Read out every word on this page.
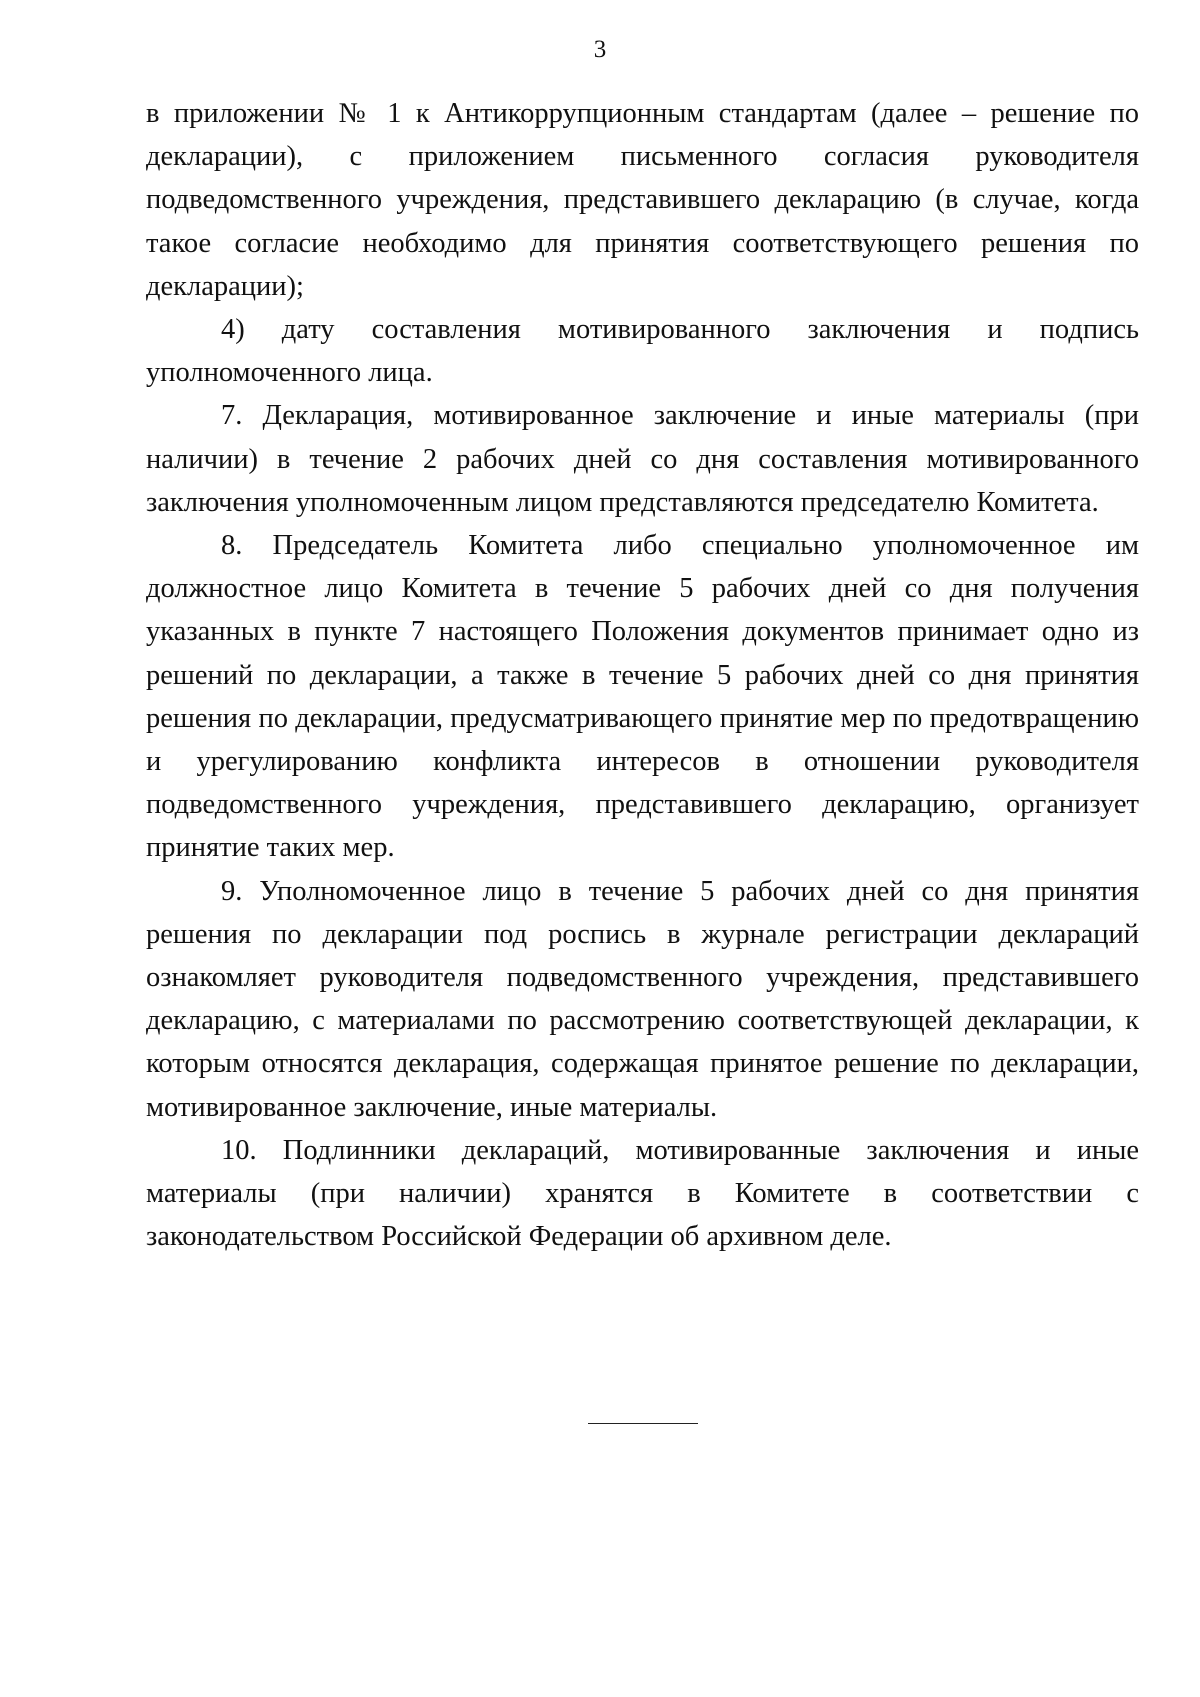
3

в приложении № 1 к Антикоррупционным стандартам (далее – решение по декларации), с приложением письменного согласия руководителя подведомственного учреждения, представившего декларацию (в случае, когда такое согласие необходимо для принятия соответствующего решения по декларации);

4) дату составления мотивированного заключения и подпись уполномоченного лица.

7. Декларация, мотивированное заключение и иные материалы (при наличии) в течение 2 рабочих дней со дня составления мотивированного заключения уполномоченным лицом представляются председателю Комитета.

8. Председатель Комитета либо специально уполномоченное им должностное лицо Комитета в течение 5 рабочих дней со дня получения указанных в пункте 7 настоящего Положения документов принимает одно из решений по декларации, а также в течение 5 рабочих дней со дня принятия решения по декларации, предусматривающего принятие мер по предотвращению и урегулированию конфликта интересов в отношении руководителя подведомственного учреждения, представившего декларацию, организует принятие таких мер.

9. Уполномоченное лицо в течение 5 рабочих дней со дня принятия решения по декларации под роспись в журнале регистрации деклараций ознакомляет руководителя подведомственного учреждения, представившего декларацию, с материалами по рассмотрению соответствующей декларации, к которым относятся декларация, содержащая принятое решение по декларации, мотивированное заключение, иные материалы.

10. Подлинники деклараций, мотивированные заключения и иные материалы (при наличии) хранятся в Комитете в соответствии с законодательством Российской Федерации об архивном деле.
